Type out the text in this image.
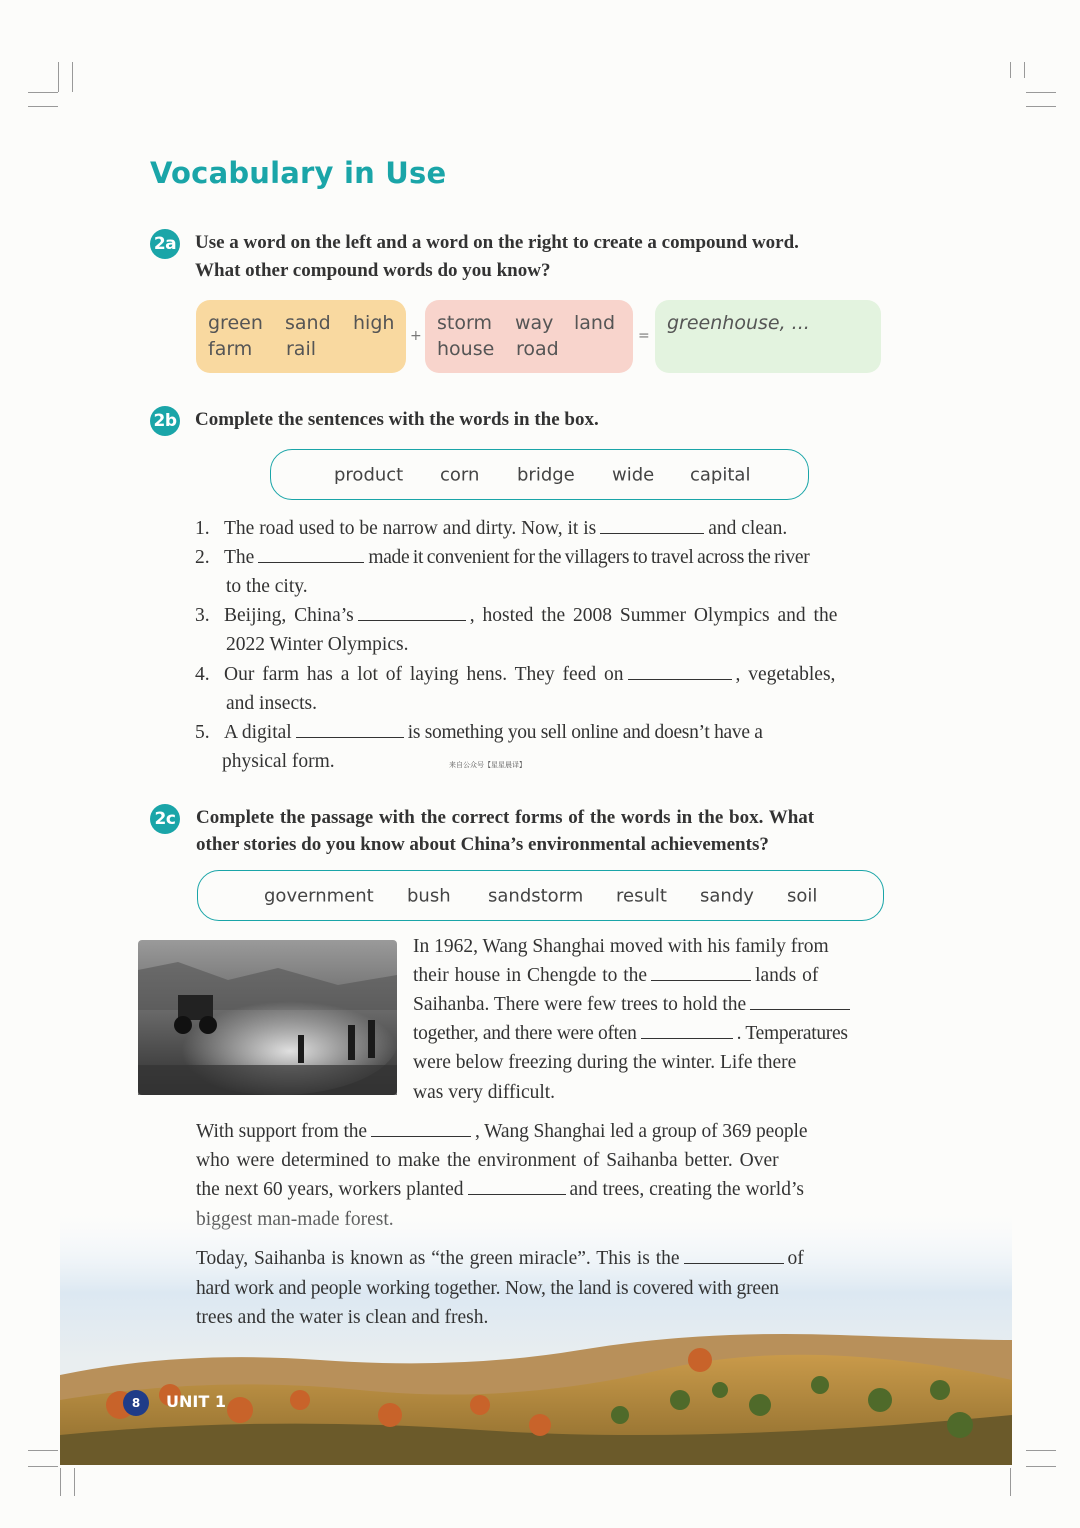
Vocabulary in Use
2a Use a word on the left and a word on the right to create a compound word.
What other compound words do you know?
green sand high
farm rail
+
storm way land
house road
=
greenhouse, ...
2b Complete the sentences with the words in the box.
product corn bridge wide capital
1. The road used to be narrow and dirty. Now, it is	and clean.
2. The	made it convenient for the villagers to travel across the river
to the city.
3. Beijing, China’s	, hosted the 2008 Summer Olympics and the
2022 Winter Olympics.
4. Our farm has a lot of laying hens. They feed on	, vegetables,
and insects.
5. A digital	is something you sell online and doesn’t have a
physical form.	来自公众号【星星晨译】
2c Complete the passage with the correct forms of the words in the box. What
other stories do you know about China’s environmental achievements?
government bush sandstorm result sandy soil
In 1962, Wang Shanghai moved with his family from
their house in Chengde to the	lands of
Saihanba. There were few trees to hold the
together, and there were often	. Temperatures
were below freezing during the winter. Life there
was very difficult.
With support from the	, Wang Shanghai led a group of 369 people
who were determined to make the environment of Saihanba better. Over
the next 60 years, workers planted	and trees, creating the world’s
Today, Saihanba is known as “the green miracle”. This is the	of
hard work and people working together. Now, the land is covered with green
trees and the water is clean and fresh.
8	UNIT 1
